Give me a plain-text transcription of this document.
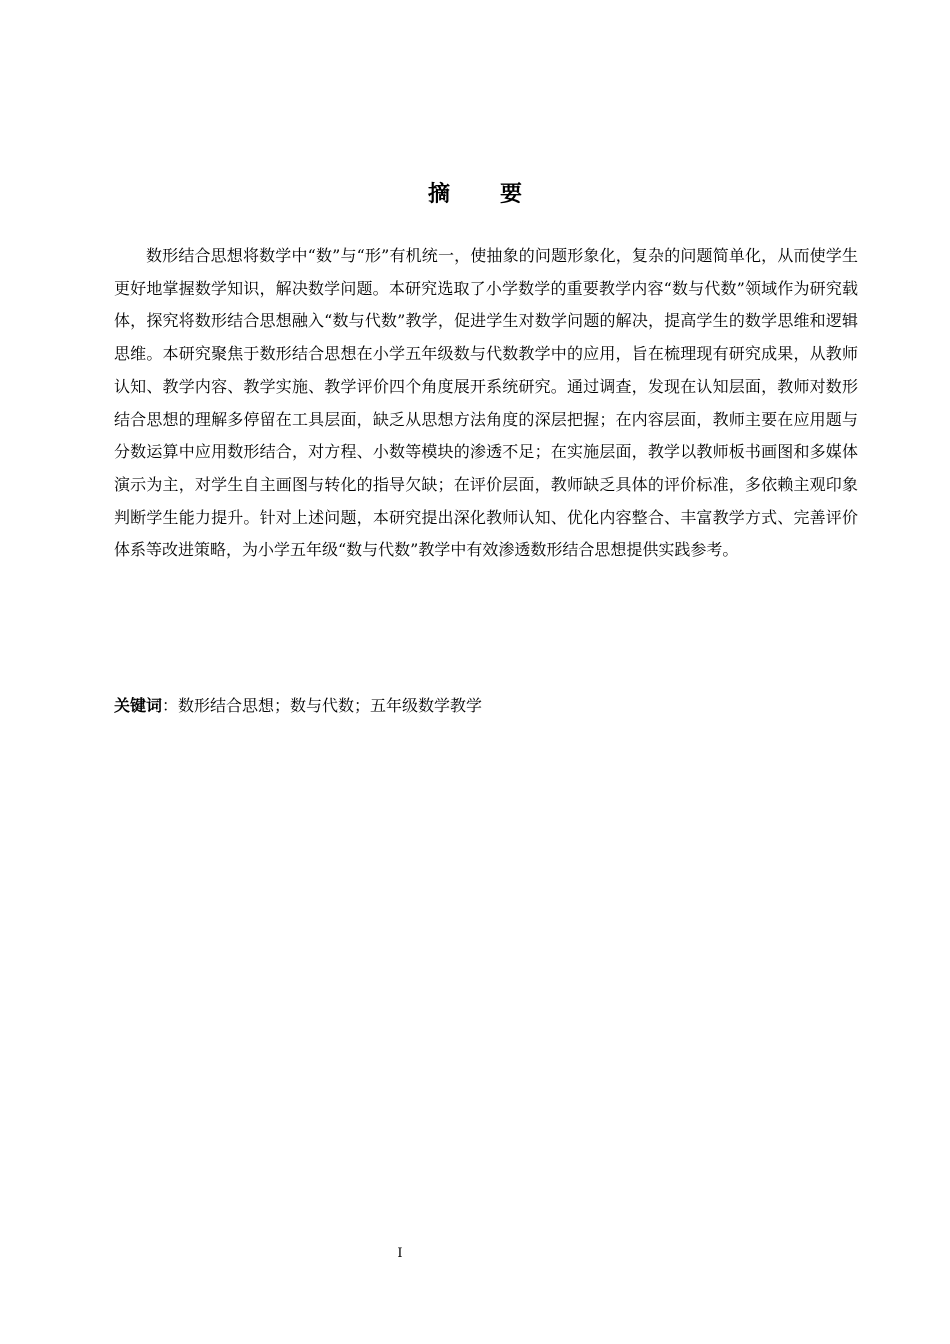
摘 要

数形结合思想将数学中“数”与“形”有机统一，使抽象的问题形象化，复杂的问题简单化，从而使学生更好地掌握数学知识，解决数学问题。本研究选取了小学数学的重要教学内容“数与代数”领域作为研究载体，探究将数形结合思想融入“数与代数”教学，促进学生对数学问题的解决，提高学生的数学思维和逻辑思维。本研究聚焦于数形结合思想在小学五年级数与代数教学中的应用，旨在梳理现有研究成果，从教师认知、教学内容、教学实施、教学评价四个角度展开系统研究。通过调查，发现在认知层面，教师对数形结合思想的理解多停留在工具层面，缺乏从思想方法角度的深层把握；在内容层面，教师主要在应用题与分数运算中应用数形结合，对方程、小数等模块的渗透不足；在实施层面，教学以教师板书画图和多媒体演示为主，对学生自主画图与转化的指导欠缺；在评价层面，教师缺乏具体的评价标准，多依赖主观印象判断学生能力提升。针对上述问题，本研究提出深化教师认知、优化内容整合、丰富教学方式、完善评价体系等改进策略，为小学五年级“数与代数”教学中有效渗透数形结合思想提供实践参考。

关键词：数形结合思想；数与代数；五年级数学教学
I
